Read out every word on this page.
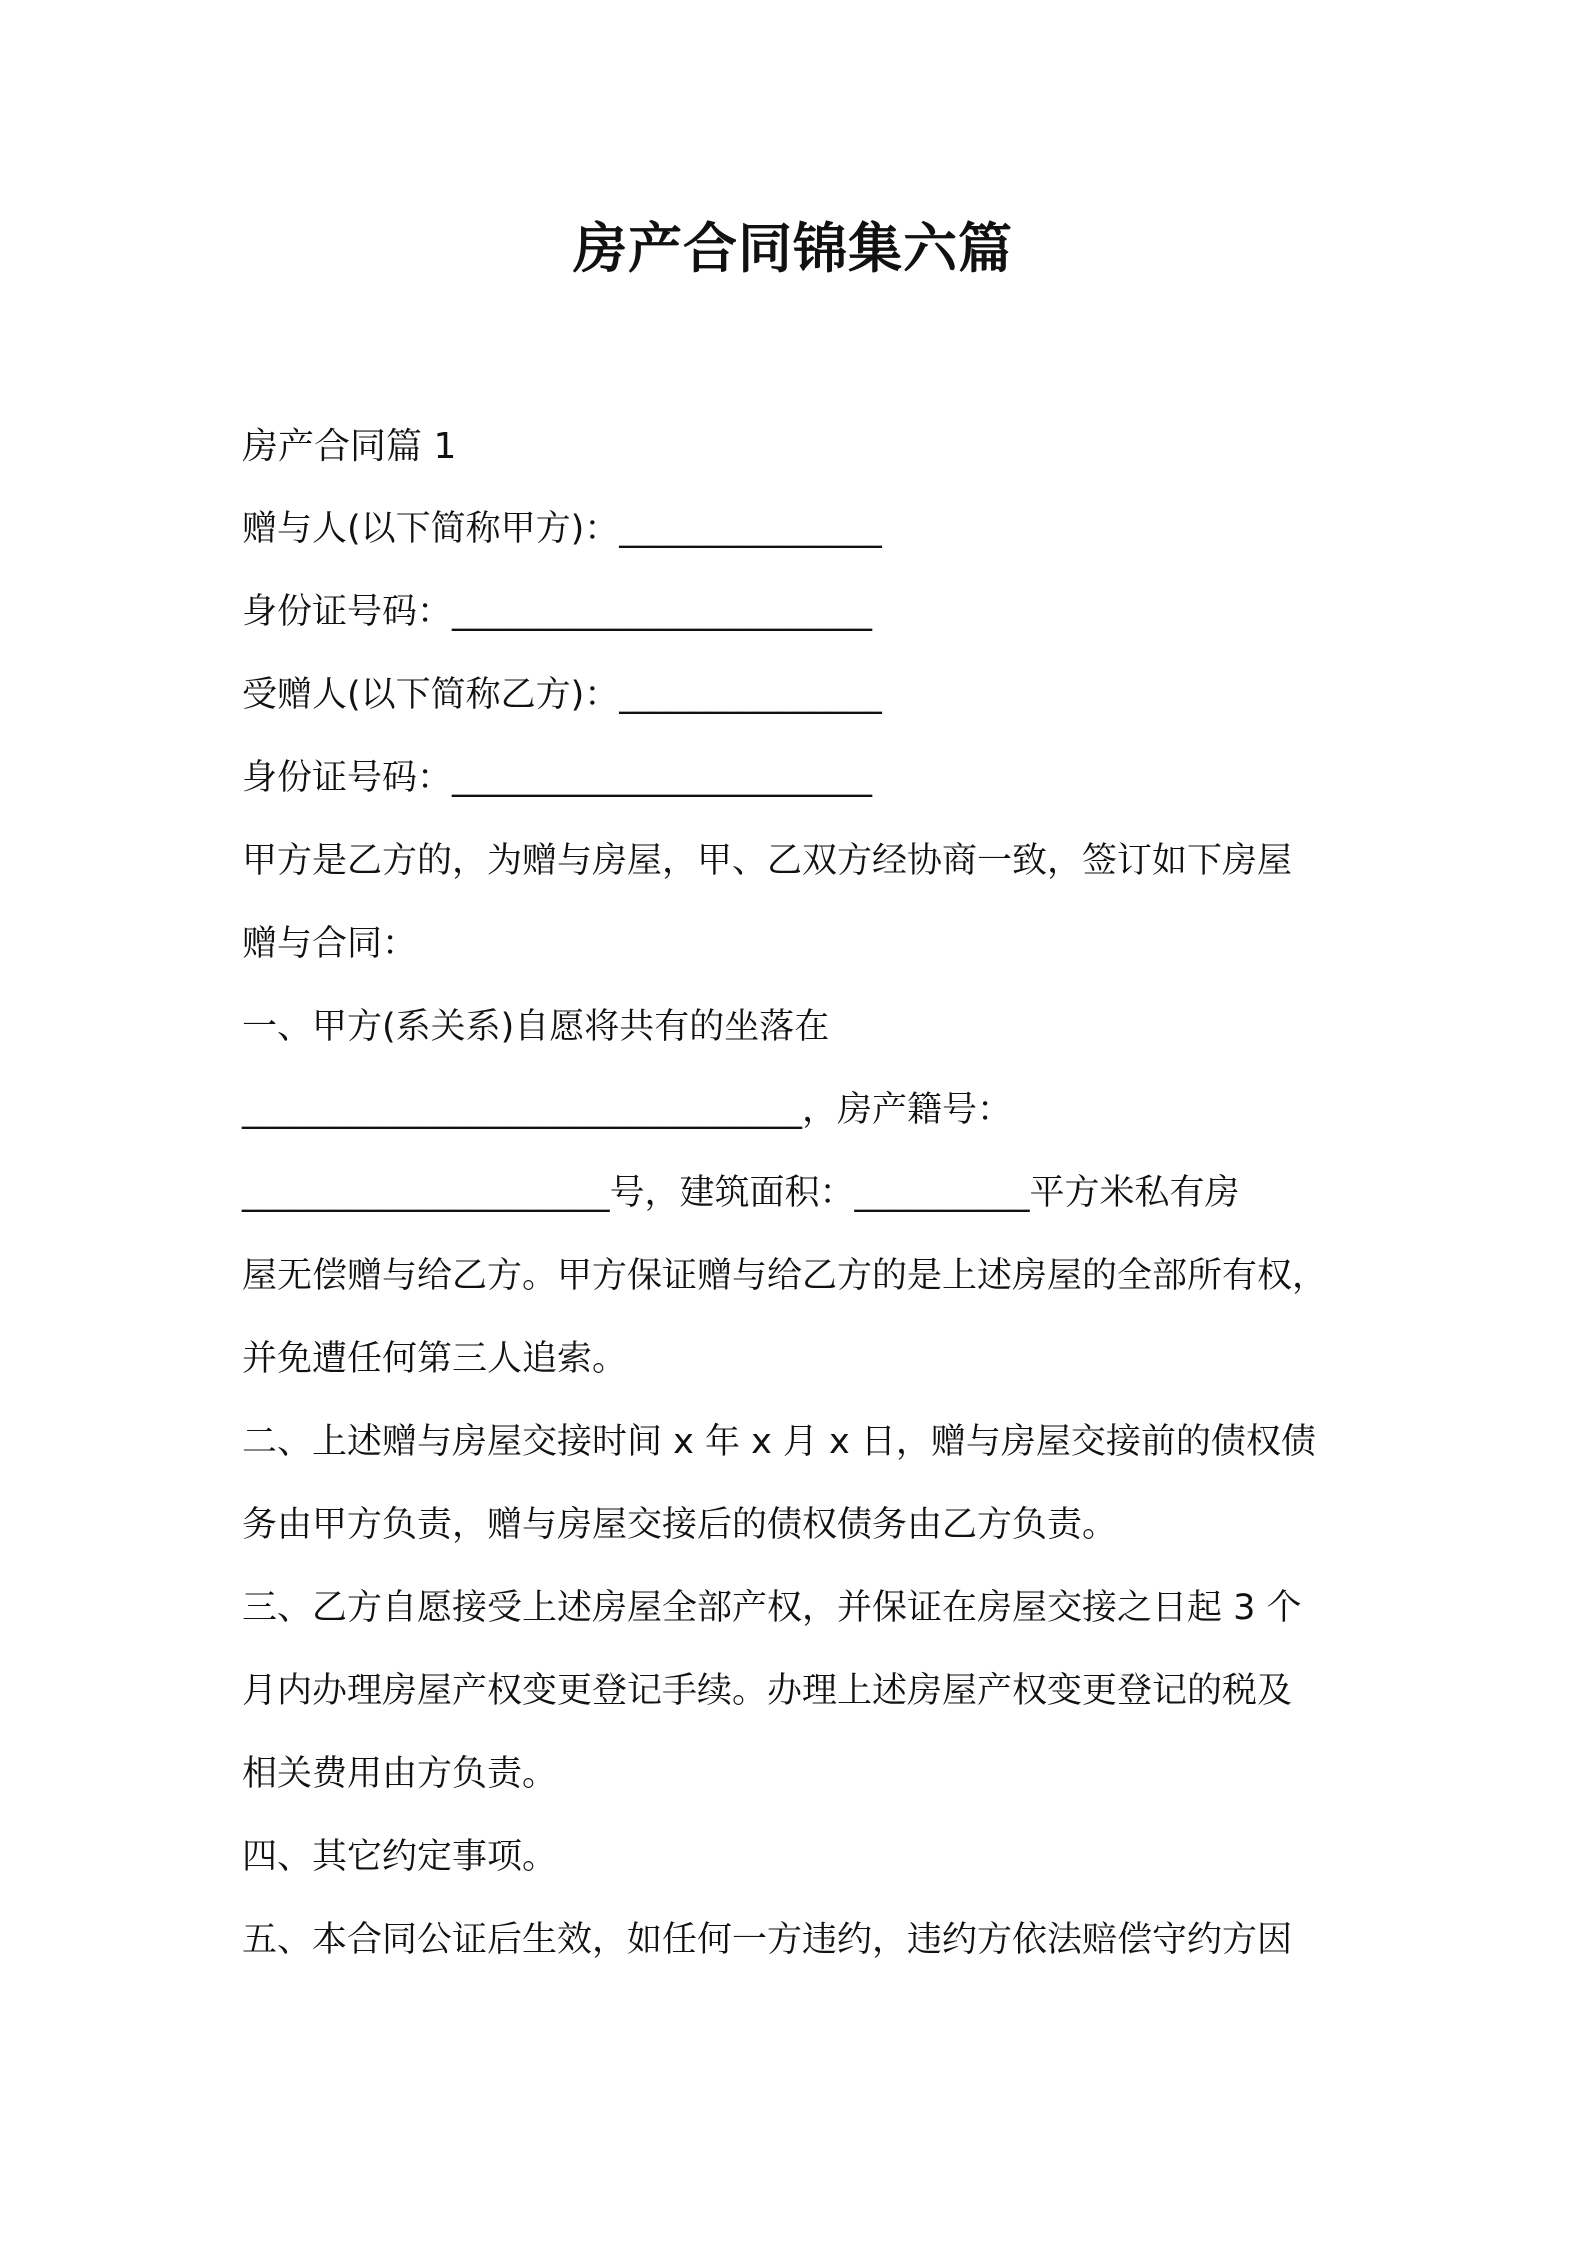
房产合同锦集六篇

房产合同篇 1

赠与人(以下简称甲方)：_______________

身份证号码：________________________

受赠人(以下简称乙方)：_______________

身份证号码：________________________

甲方是乙方的，为赠与房屋，甲、乙双方经协商一致，签订如下房屋

赠与合同：

一、甲方(系关系)自愿将共有的坐落在

________________________________，房产籍号：

_____________________号，建筑面积：__________平方米私有房

屋无偿赠与给乙方。甲方保证赠与给乙方的是上述房屋的全部所有权，

并免遭任何第三人追索。

二、上述赠与房屋交接时间 x 年 x 月 x 日，赠与房屋交接前的债权债

务由甲方负责，赠与房屋交接后的债权债务由乙方负责。

三、乙方自愿接受上述房屋全部产权，并保证在房屋交接之日起 3 个

月内办理房屋产权变更登记手续。办理上述房屋产权变更登记的税及

相关费用由方负责。

四、其它约定事项。

五、本合同公证后生效，如任何一方违约，违约方依法赔偿守约方因
